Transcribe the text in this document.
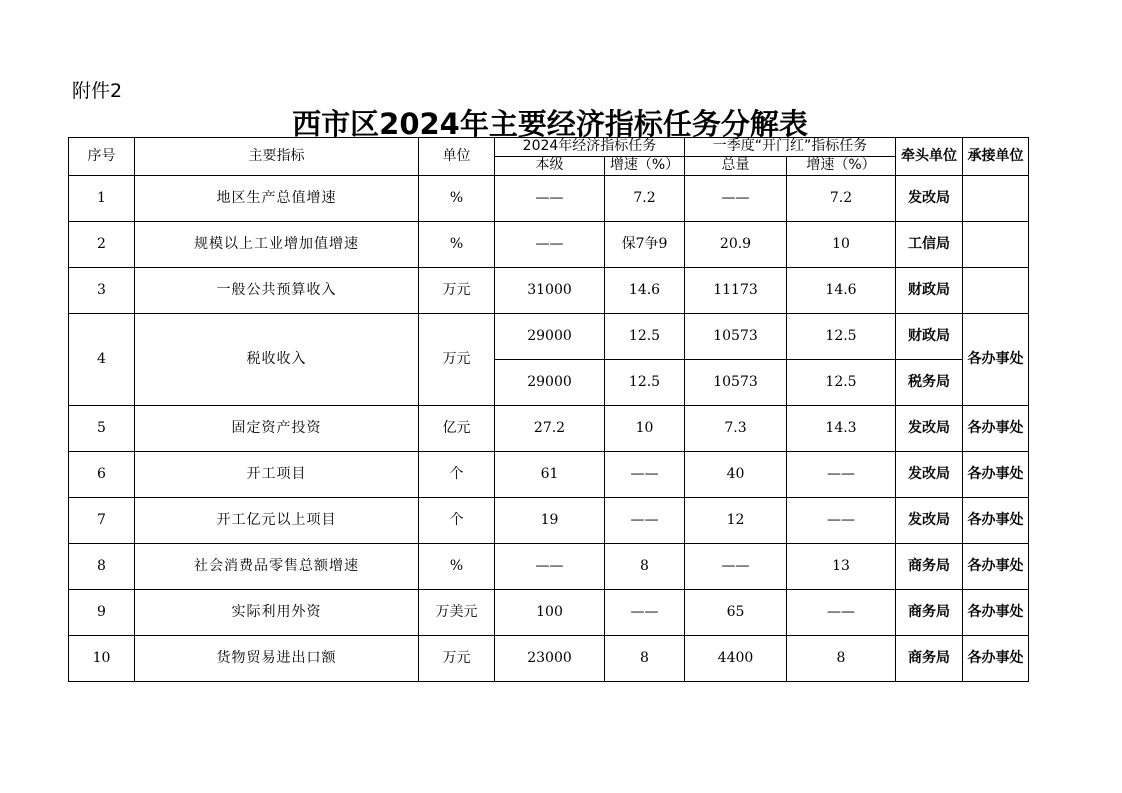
附件2
西市区2024年主要经济指标任务分解表
序号	主要指标	单位	2024年经济指标任务		一季度“开门红”指标任务		牵头单位	承接单位
			本级	增速（%）	总量	增速（%）		
1	地区生产总值增速	%	——	7.2	——	7.2	发改局	
2	规模以上工业增加值增速	%	——	保7争9	20.9	10	工信局	
3	一般公共预算收入	万元	31000	14.6	11173	14.6	财政局	
4	税收收入	万元	29000	12.5	10573	12.5	财政局	各办事处
			29000	12.5	10573	12.5	税务局	
5	固定资产投资	亿元	27.2	10	7.3	14.3	发改局	各办事处
6	开工项目	个	61	——	40	——	发改局	各办事处
7	开工亿元以上项目	个	19	——	12	——	发改局	各办事处
8	社会消费品零售总额增速	%	——	8	——	13	商务局	各办事处
9	实际利用外资	万美元	100	——	65	——	商务局	各办事处
10	货物贸易进出口额	万元	23000	8	4400	8	商务局	各办事处
